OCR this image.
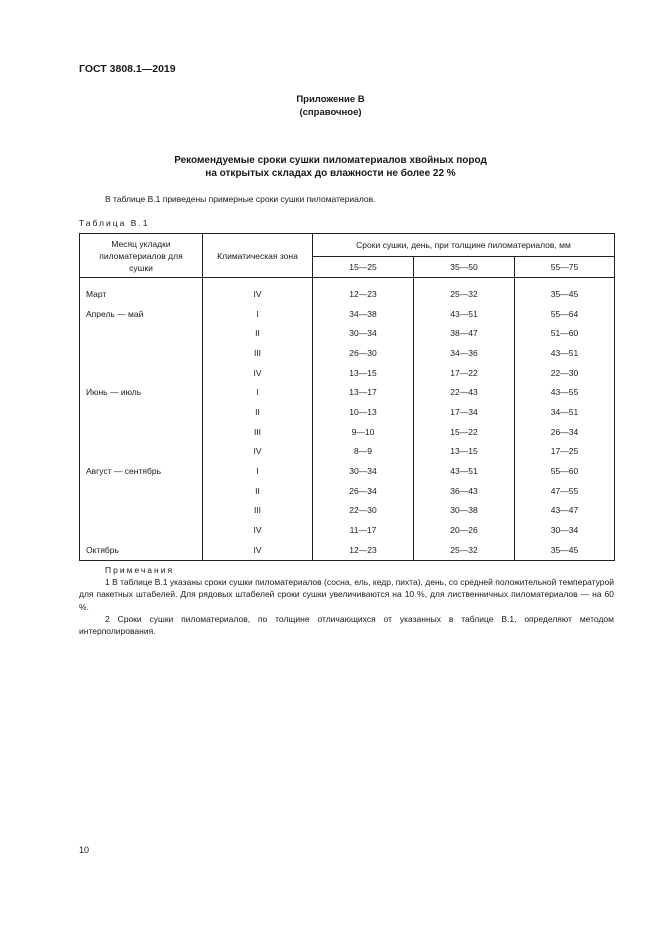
ГОСТ 3808.1—2019
Приложение В
(справочное)
Рекомендуемые сроки сушки пиломатериалов хвойных пород
на открытых складах до влажности не более 22 %
В таблице В.1 приведены примерные сроки сушки пиломатериалов.
Таблица В.1
Месяц укладки пиломатериалов для сушки	Климатическая зона	Сроки сушки, день, при толщине пиломатериалов, мм		
		15—25	35—50	55—75
Март	IV	12—23	25—32	35—45
Апрель — май	I	34—38	43—51	55—64
	II	30—34	38—47	51—60
	III	26—30	34—36	43—51
	IV	13—15	17—22	22—30
Июнь — июль	I	13—17	22—43	43—55
	II	10—13	17—34	34—51
	III	9—10	15—22	26—34
	IV	8—9	13—15	17—25
Август — сентябрь	I	30—34	43—51	55—60
	II	26—34	36—43	47—55
	III	22—30	30—38	43—47
	IV	11—17	20—26	30—34
Октябрь	IV	12—23	25—32	35—45
Примечания

1 В таблице В.1 указаны сроки сушки пиломатериалов (сосна, ель, кедр, пихта), день, со средней положительной температурой для пакетных штабелей. Для рядовых штабелей сроки сушки увеличиваются на 10 %, для лиственничных пиломатериалов — на 60 %.

2 Сроки сушки пиломатериалов, по толщине отличающихся от указанных в таблице В.1, определяют методом интерполирования.

10
